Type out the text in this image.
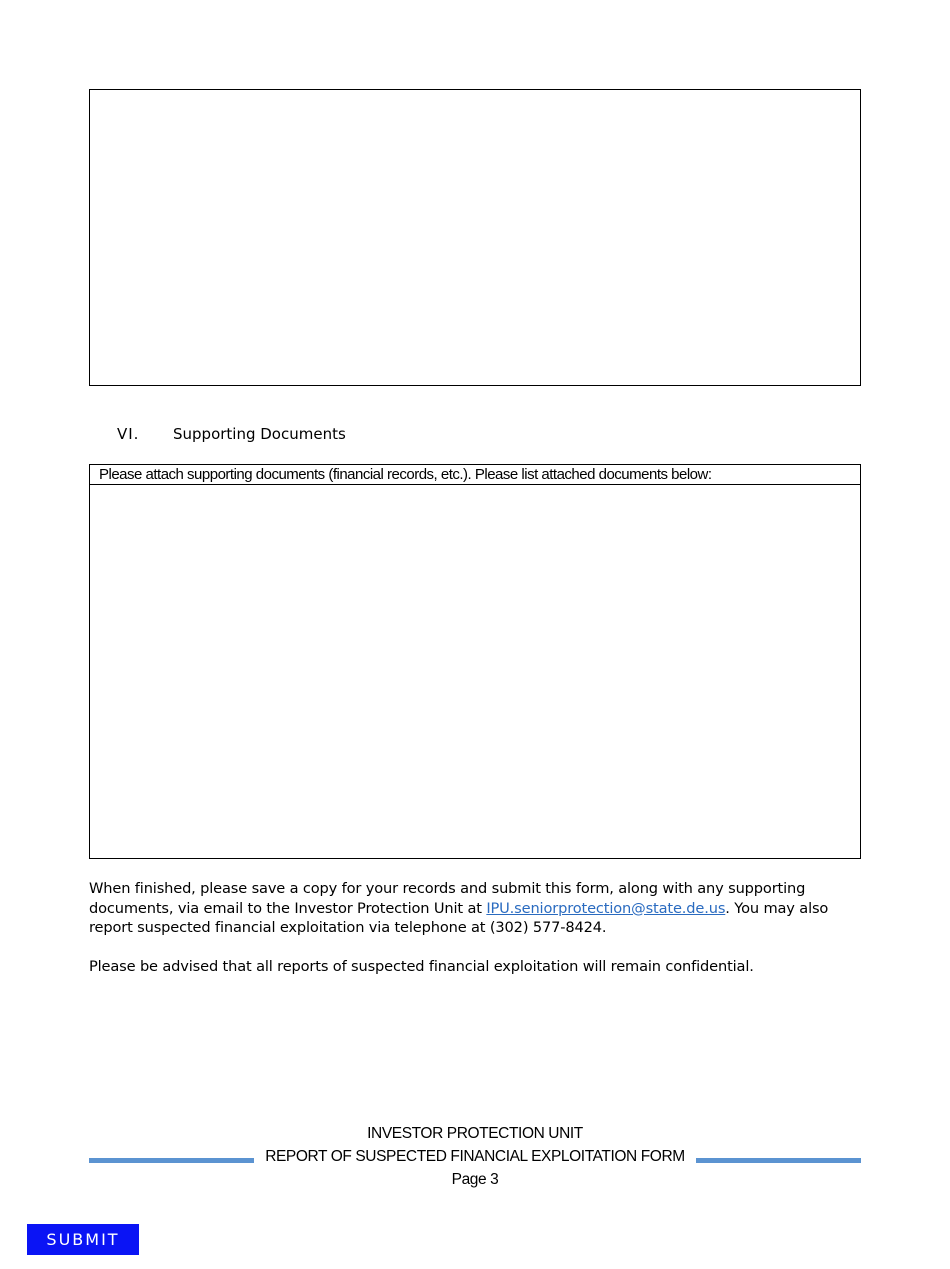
VI. Supporting Documents
Please attach supporting documents (financial records, etc.). Please list attached documents below:
When finished, please save a copy for your records and submit this form, along with any supporting documents, via email to the Investor Protection Unit at IPU.seniorprotection@state.de.us. You may also report suspected financial exploitation via telephone at (302) 577-8424.
Please be advised that all reports of suspected financial exploitation will remain confidential.
INVESTOR PROTECTION UNIT
REPORT OF SUSPECTED FINANCIAL EXPLOITATION FORM
Page 3
SUBMIT
